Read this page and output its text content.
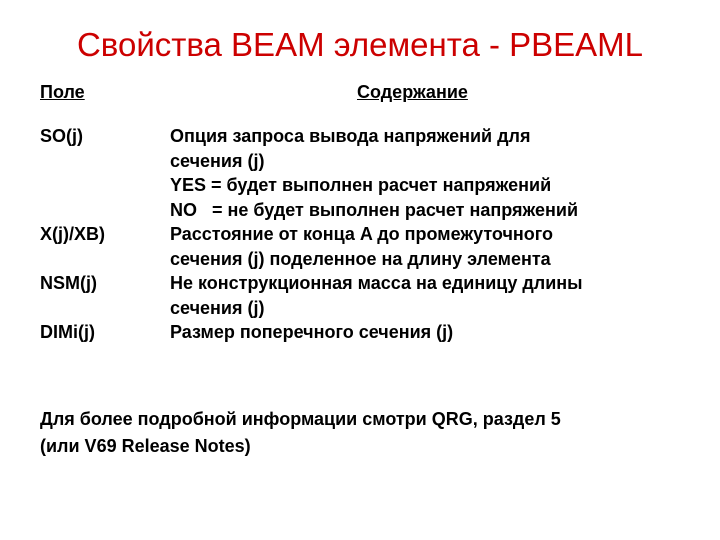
Свойства BEAM элемента - PBEAML
Поле	Содержание
SO(j)	Опция запроса вывода напряжений для
сечения (j)
YES = будет выполнен расчет напряжений
NO   = не будет выполнен расчет напряжений
X(j)/XB)	Расстояние от конца A до промежуточного
сечения (j) поделенное на длину элемента
NSM(j)	Не конструкционная масса на единицу длины
сечения (j)
DIMi(j)	Размер поперечного сечения (j)
Для более подробной информации смотри QRG, раздел 5
(или V69 Release Notes)
